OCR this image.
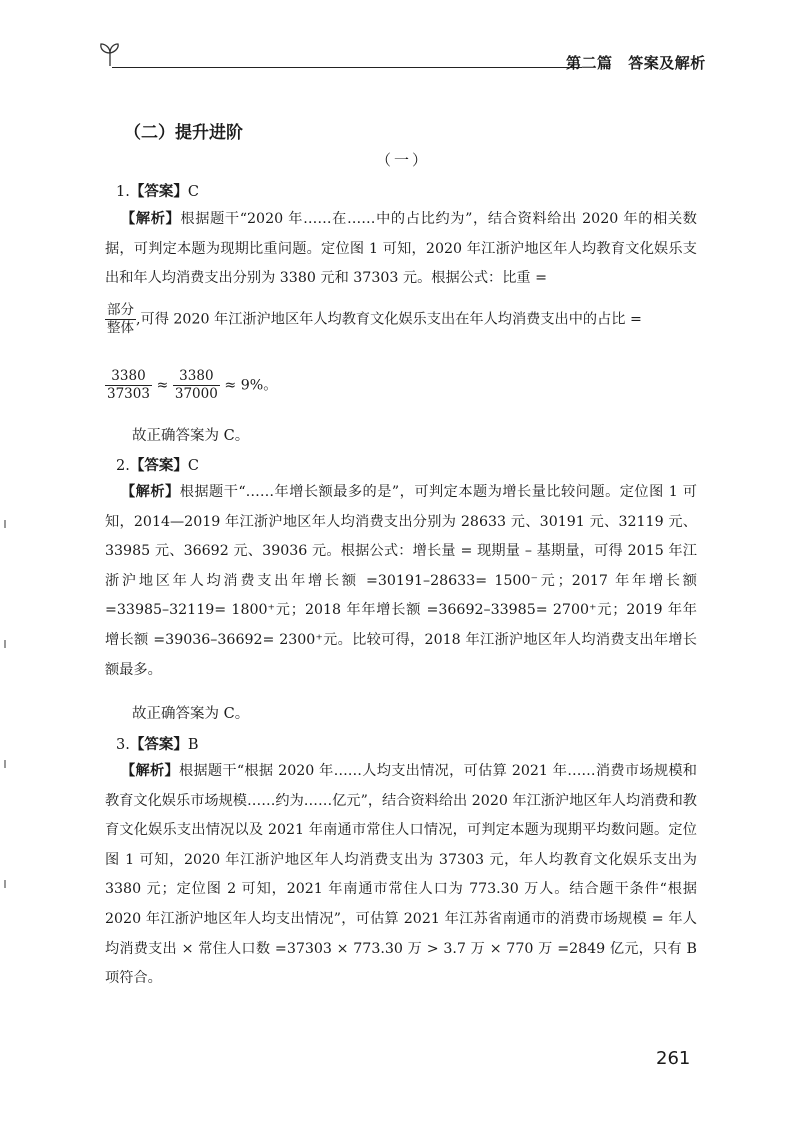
第二篇 答案及解析
（二）提升进阶
（一）
1.【答案】C
【解析】根据题干“2020 年……在……中的占比约为”，结合资料给出 2020 年的相关数据，可判定本题为现期比重问题。定位图 1 可知，2020 年江浙沪地区年人均教育文化娱乐支出和年人均消费支出分别为 3380 元和 37303 元。根据公式：比重 =
$\frac{\text{部分}}{\text{整体}}$ ,可得 2020 年江浙沪地区年人均教育文化娱乐支出在年人均消费支出中的占比 =
$\frac{3380}{37303} \approx \frac{3380}{37000} \approx 9\%$。
故正确答案为 C。
2.【答案】C
【解析】根据题干“……年增长额最多的是”，可判定本题为增长量比较问题。定位图 1 可知，2014—2019 年江浙沪地区年人均消费支出分别为 28633 元、30191 元、32119 元、33985 元、36692 元、39036 元。根据公式：增长量 = 现期量 – 基期量，可得 2015 年江浙沪地区年人均消费支出年增长额 =30191–28633= 1500⁻元；2017 年年增长额 =33985–32119= 1800⁺元；2018 年年增长额 =36692–33985= 2700⁺元；2019 年年增长额 =39036–36692= 2300⁺元。比较可得，2018 年江浙沪地区年人均消费支出年增长额最多。
故正确答案为 C。
3.【答案】B
【解析】根据题干“根据 2020 年……人均支出情况，可估算 2021 年……消费市场规模和教育文化娱乐市场规模……约为……亿元”，结合资料给出 2020 年江浙沪地区年人均消费和教育文化娱乐支出情况以及 2021 年南通市常住人口情况，可判定本题为现期平均数问题。定位图 1 可知，2020 年江浙沪地区年人均消费支出为 37303 元，年人均教育文化娱乐支出为 3380 元；定位图 2 可知，2021 年南通市常住人口为 773.30 万人。结合题干条件“根据 2020 年江浙沪地区年人均支出情况”，可估算 2021 年江苏省南通市的消费市场规模 = 年人均消费支出 × 常住人口数 =37303 × 773.30 万 > 3.7 万 × 770 万 =2849 亿元，只有 B 项符合。
261
